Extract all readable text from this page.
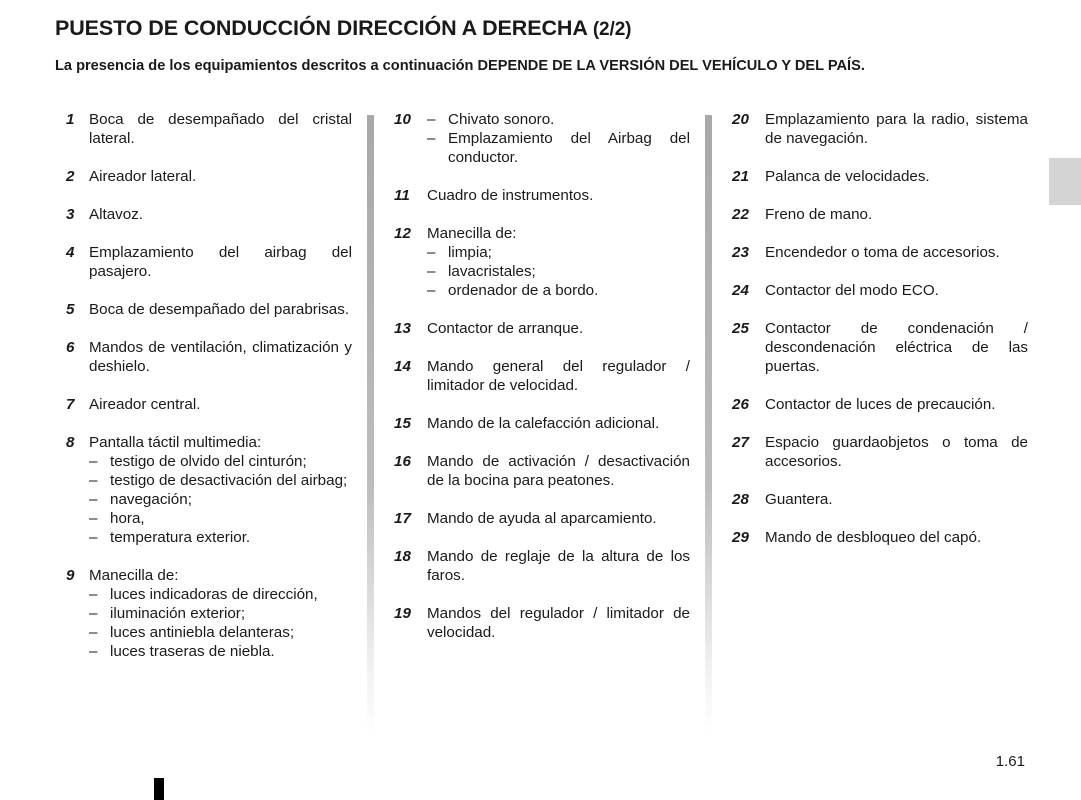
PUESTO DE CONDUCCIÓN DIRECCIÓN A DERECHA (2/2)

La presencia de los equipamientos descritos a continuación DEPENDE DE LA VERSIÓN DEL VEHÍCULO Y DEL PAÍS.

1 Boca de desempañado del cristal lateral.
2 Aireador lateral.
3 Altavoz.
4 Emplazamiento del airbag del pasajero.
5 Boca de desempañado del parabrisas.
6 Mandos de ventilación, climatización y deshielo.
7 Aireador central.
8 Pantalla táctil multimedia:
– testigo de olvido del cinturón;
– testigo de desactivación del airbag;
– navegación;
– hora,
– temperatura exterior.
9 Manecilla de:
– luces indicadoras de dirección,
– iluminación exterior;
– luces antiniebla delanteras;
– luces traseras de niebla.
10	– Chivato sonoro.
– Emplazamiento del Airbag del conductor.
11	Cuadro de instrumentos.
12	Manecilla de:
– limpia;
– lavacristales;
– ordenador de a bordo.
13	Contactor de arranque.
14	Mando general del regulador / limitador de velocidad.
15	Mando de la calefacción adicional.
16	Mando de activación / desactivación de la bocina para peatones.
17	Mando de ayuda al aparcamiento.
18	Mando de reglaje de la altura de los faros.
19	Mandos del regulador / limitador de velocidad.
20	Emplazamiento para la radio, sistema de navegación.
21	Palanca de velocidades.
22	Freno de mano.
23	Encendedor o toma de accesorios.
24	Contactor del modo ECO.
25	Contactor de condenación / descondenación eléctrica de las puertas.
26	Contactor de luces de precaución.
27	Espacio guardaobjetos o toma de accesorios.
28	Guantera.
29	Mando de desbloqueo del capó.
1.61
